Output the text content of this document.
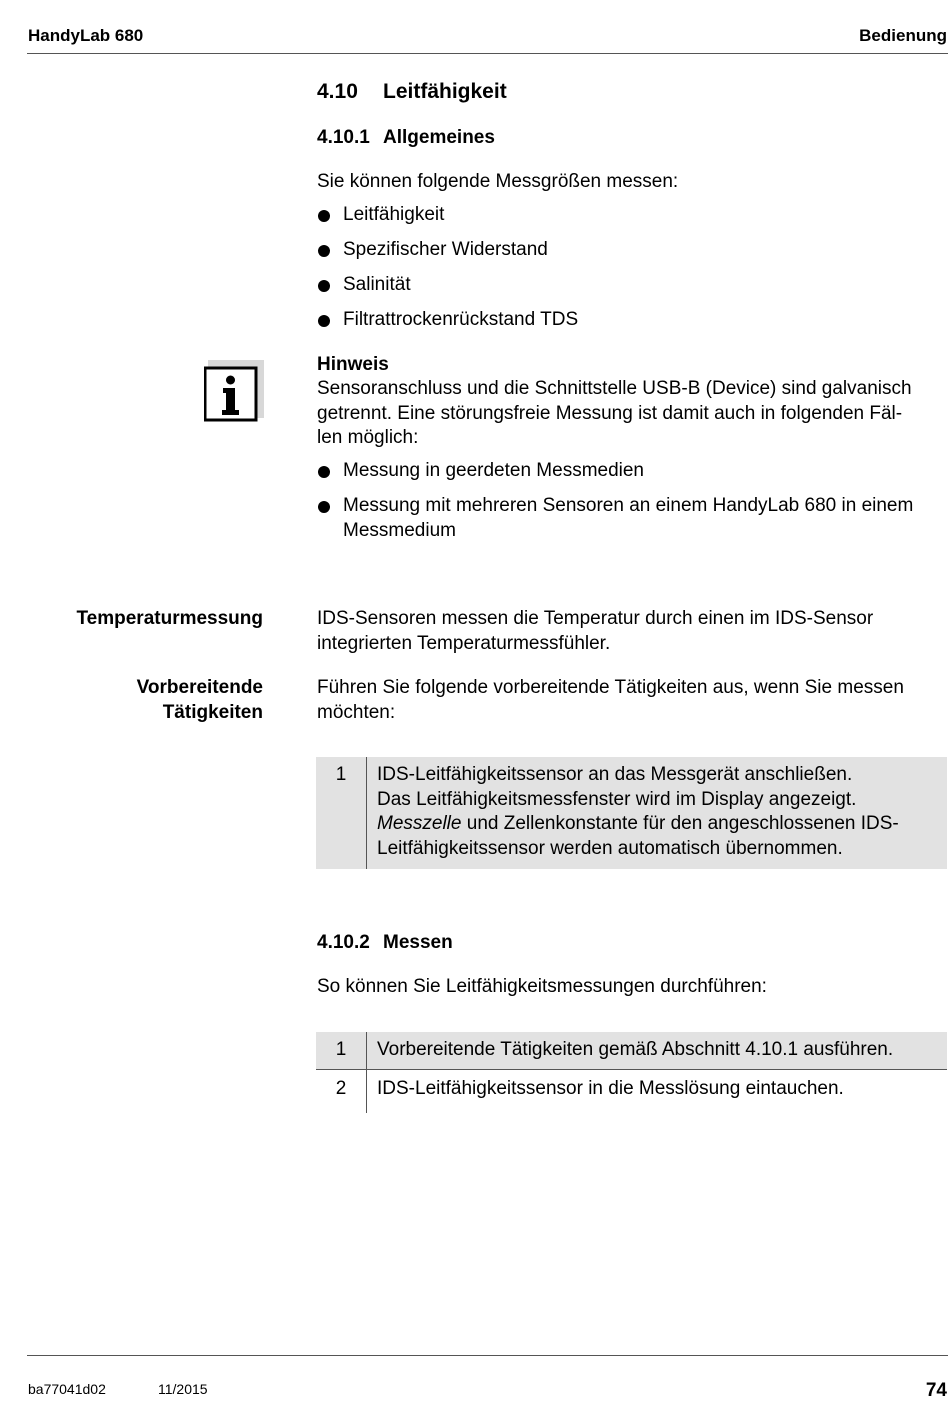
HandyLab 680	Bedienung
4.10 Leitfähigkeit
4.10.1 Allgemeines
Sie können folgende Messgrößen messen:
Leitfähigkeit
Spezifischer Widerstand
Salinität
Filtrattrockenrückstand TDS
Hinweis
Sensoranschluss und die Schnittstelle USB-B (Device) sind galvanisch
getrennt. Eine störungsfreie Messung ist damit auch in folgenden Fäl-
len möglich:
Messung in geerdeten Messmedien
Messung mit mehreren Sensoren an einem HandyLab 680 in einem Messmedium
Temperaturmessung	IDS-Sensoren messen die Temperatur durch einen im IDS-Sensor integrierten Temperaturmessfühler.
Vorbereitende
Tätigkeiten
Führen Sie folgende vorbereitende Tätigkeiten aus, wenn Sie messen möchten:
1	IDS-Leitfähigkeitssensor an das Messgerät anschließen.
Das Leitfähigkeitsmessfenster wird im Display angezeigt.
Messzelle und Zellenkonstante für den angeschlossenen IDS-Leitfähigkeitssensor werden automatisch übernommen.
4.10.2 Messen
So können Sie Leitfähigkeitsmessungen durchführen:
1	Vorbereitende Tätigkeiten gemäß Abschnitt 4.10.1 ausführen.
2	IDS-Leitfähigkeitssensor in die Messlösung eintauchen.
ba77041d02	11/2015	74
